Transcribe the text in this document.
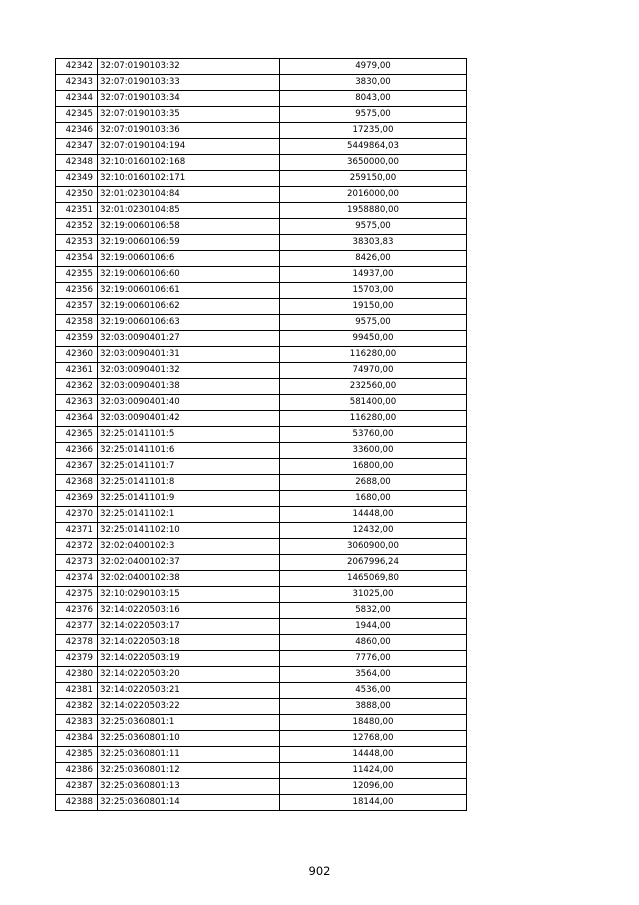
42342	32:07:0190103:32	4979,00
42343	32:07:0190103:33	3830,00
42344	32:07:0190103:34	8043,00
42345	32:07:0190103:35	9575,00
42346	32:07:0190103:36	17235,00
42347	32:07:0190104:194	5449864,03
42348	32:10:0160102:168	3650000,00
42349	32:10:0160102:171	259150,00
42350	32:01:0230104:84	2016000,00
42351	32:01:0230104:85	1958880,00
42352	32:19:0060106:58	9575,00
42353	32:19:0060106:59	38303,83
42354	32:19:0060106:6	8426,00
42355	32:19:0060106:60	14937,00
42356	32:19:0060106:61	15703,00
42357	32:19:0060106:62	19150,00
42358	32:19:0060106:63	9575,00
42359	32:03:0090401:27	99450,00
42360	32:03:0090401:31	116280,00
42361	32:03:0090401:32	74970,00
42362	32:03:0090401:38	232560,00
42363	32:03:0090401:40	581400,00
42364	32:03:0090401:42	116280,00
42365	32:25:0141101:5	53760,00
42366	32:25:0141101:6	33600,00
42367	32:25:0141101:7	16800,00
42368	32:25:0141101:8	2688,00
42369	32:25:0141101:9	1680,00
42370	32:25:0141102:1	14448,00
42371	32:25:0141102:10	12432,00
42372	32:02:0400102:3	3060900,00
42373	32:02:0400102:37	2067996,24
42374	32:02:0400102:38	1465069,80
42375	32:10:0290103:15	31025,00
42376	32:14:0220503:16	5832,00
42377	32:14:0220503:17	1944,00
42378	32:14:0220503:18	4860,00
42379	32:14:0220503:19	7776,00
42380	32:14:0220503:20	3564,00
42381	32:14:0220503:21	4536,00
42382	32:14:0220503:22	3888,00
42383	32:25:0360801:1	18480,00
42384	32:25:0360801:10	12768,00
42385	32:25:0360801:11	14448,00
42386	32:25:0360801:12	11424,00
42387	32:25:0360801:13	12096,00
42388	32:25:0360801:14	18144,00
902
